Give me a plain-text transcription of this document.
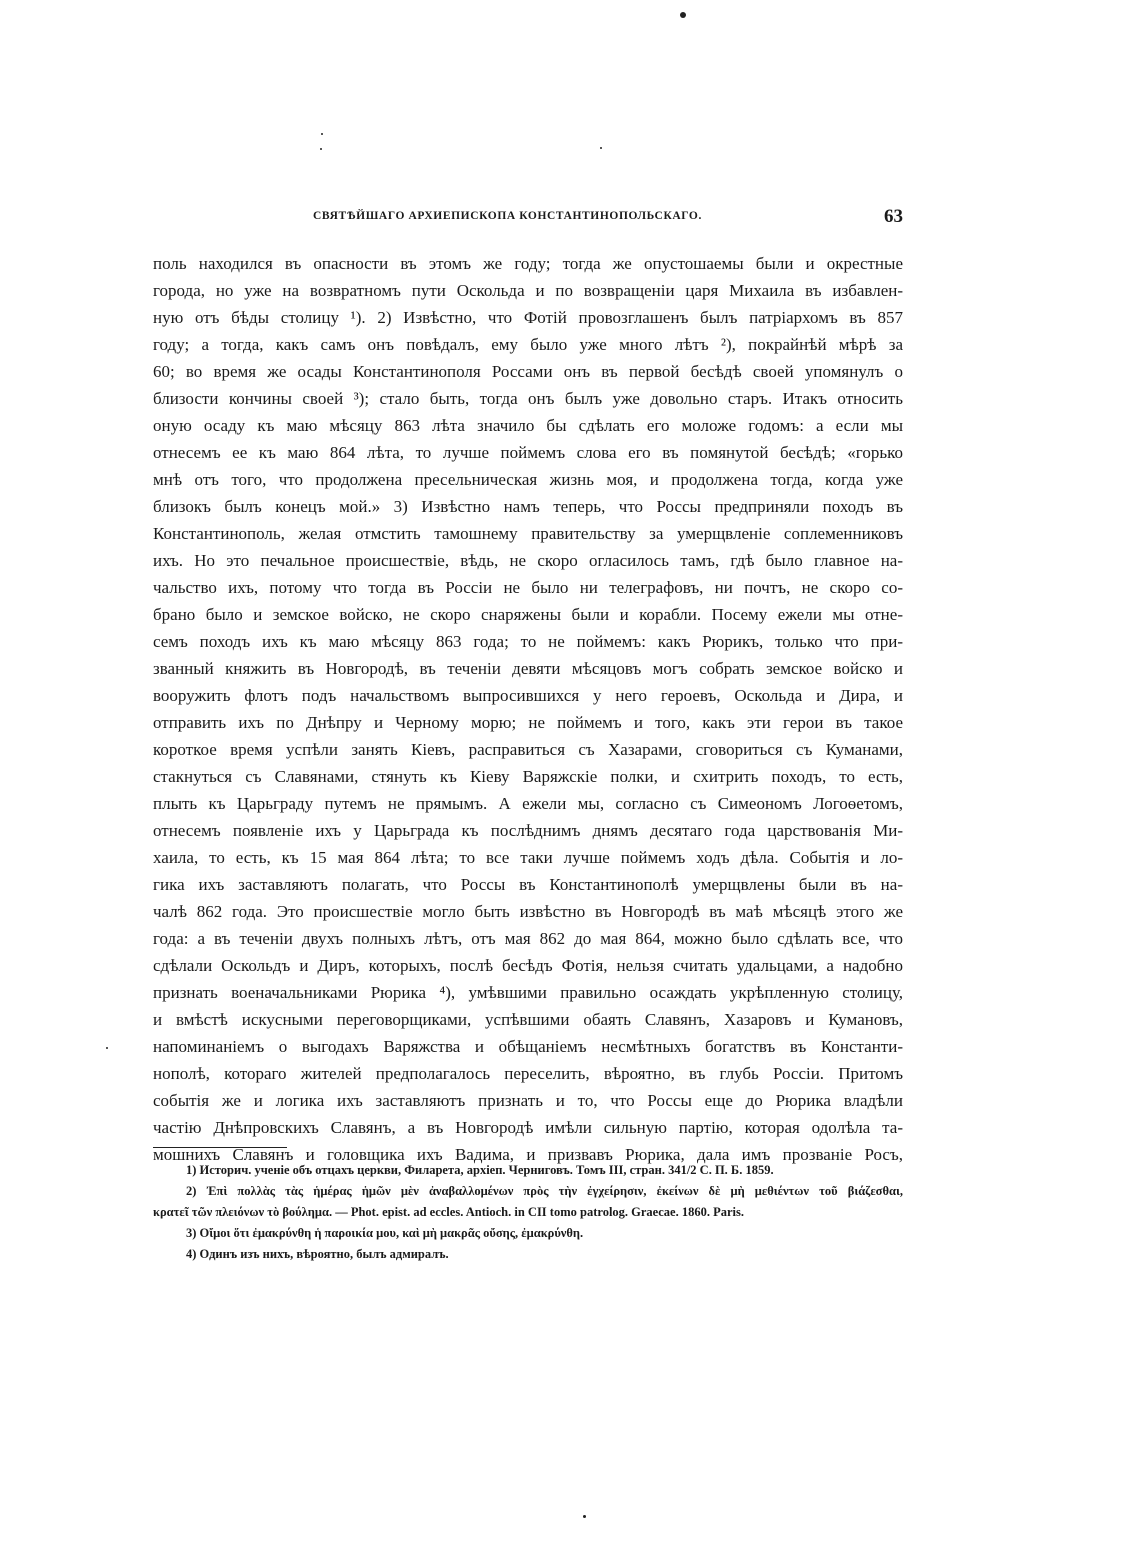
СВЯТѢЙШАГО АРХИЕПИСКОПА КОНСТАНТИНОПОЛЬСКАГО.	63
поль находился въ опасности въ этомъ же году; тогда же опустошаемы были и окрестные
города, но уже на возвратномъ пути Оскольда и по возвращеніи царя Михаила въ избавлен-
ную отъ бѣды столицу ¹). 2) Извѣстно, что Фотій провозглашенъ былъ патріархомъ въ 857
году; а тогда, какъ самъ онъ повѣдалъ, ему было уже много лѣтъ ²), покрайнѣй мѣрѣ за
60; во время же осады Константинополя Россами онъ въ первой бесѣдѣ своей упомянулъ о
близости кончины своей ³); стало быть, тогда онъ былъ уже довольно старъ. Итакъ относить
оную осаду къ маю мѣсяцу 863 лѣта значило бы сдѣлать его моложе годомъ: а если мы
отнесемъ ее къ маю 864 лѣта, то лучше поймемъ слова его въ помянутой бесѣдѣ; «горько
мнѣ отъ того, что продолжена пресельническая жизнь моя, и продолжена тогда, когда уже
близокъ былъ конецъ мой.» 3) Извѣстно намъ теперь, что Россы предприняли походъ въ
Константинополь, желая отмстить тамошнему правительству за умерщвленіе соплеменниковъ
ихъ. Но это печальное происшествіе, вѣдь, не скоро огласилось тамъ, гдѣ было главное на-
чальство ихъ, потому что тогда въ Россіи не было ни телеграфовъ, ни почтъ, не скоро со-
брано было и земское войско, не скоро снаряжены были и корабли. Посему ежели мы отне-
семъ походъ ихъ къ маю мѣсяцу 863 года; то не поймемъ: какъ Рюрикъ, только что при-
званный княжить въ Новгородѣ, въ теченіи девяти мѣсяцовъ могъ собрать земское войско и
вооружить флотъ подъ начальствомъ выпросившихся у него героевъ, Оскольда и Дира, и
отправить ихъ по Днѣпру и Черному морю; не поймемъ и того, какъ эти герои въ такое
короткое время успѣли занять Кіевъ, расправиться съ Хазарами, сговориться съ Куманами,
стакнуться съ Славянами, стянуть къ Кіеву Варяжскіе полки, и схитрить походъ, то есть,
плыть къ Царьграду путемъ не прямымъ. А ежели мы, согласно съ Симеономъ Логоѳетомъ,
отнесемъ появленіе ихъ у Царьграда къ послѣднимъ днямъ десятаго года царствованія Ми-
хаила, то есть, къ 15 мая 864 лѣта; то все таки лучше поймемъ ходъ дѣла. Событія и ло-
гика ихъ заставляютъ полагать, что Россы въ Константинополѣ умерщвлены были въ на-
чалѣ 862 года. Это происшествіе могло быть извѣстно въ Новгородѣ въ маѣ мѣсяцѣ этого же
года: а въ теченіи двухъ полныхъ лѣтъ, отъ мая 862 до мая 864, можно было сдѣлать все, что
сдѣлали Оскольдъ и Диръ, которыхъ, послѣ бесѣдъ Фотія, нельзя считать удальцами, а надобно
признать военачальниками Рюрика ⁴), умѣвшими правильно осаждать укрѣпленную столицу,
и вмѣстѣ искусными переговорщиками, успѣвшими обаять Славянъ, Хазаровъ и Кумановъ,
напоминаніемъ о выгодахъ Варяжства и обѣщаніемъ несмѣтныхъ богатствъ въ Константи-
нополѣ, котораго жителей предполагалось переселить, вѣроятно, въ глубь Россіи. Притомъ
событія же и логика ихъ заставляютъ признать и то, что Россы еще до Рюрика владѣли
частію Днѣпровскихъ Славянъ, а въ Новгородѣ имѣли сильную партію, которая одолѣла та-
мошнихъ Славянъ и головщика ихъ Вадима, и призвавъ Рюрика, дала имъ прозваніе Росъ,
1) Историч. ученіе объ отцахъ церкви, Филарета, архіеп. Черниговъ. Томъ III, стран. 341/2 С. П. Б. 1859.
2) Ἐπὶ πολλὰς τὰς ἡμέρας ἡμῶν μὲν ἀναβαλλομένων πρὸς τὴν ἐγχείρησιν, ἐκείνων δὲ μὴ μεθιέντων τοῦ βιάζεσθαι,
κρατεῖ τῶν πλειόνων τὸ βούλημα. — Phot. epist. ad eccles. Antioch. in CII tomo patrolog. Graecae. 1860. Paris.
3) Οἴμοι ὅτι ἐμακρύνθη ἡ παροικία μου, καὶ μὴ μακρᾶς οὔσης, ἐμακρύνθη.
4) Одинъ изъ нихъ, вѣроятно, былъ адмиралъ.
